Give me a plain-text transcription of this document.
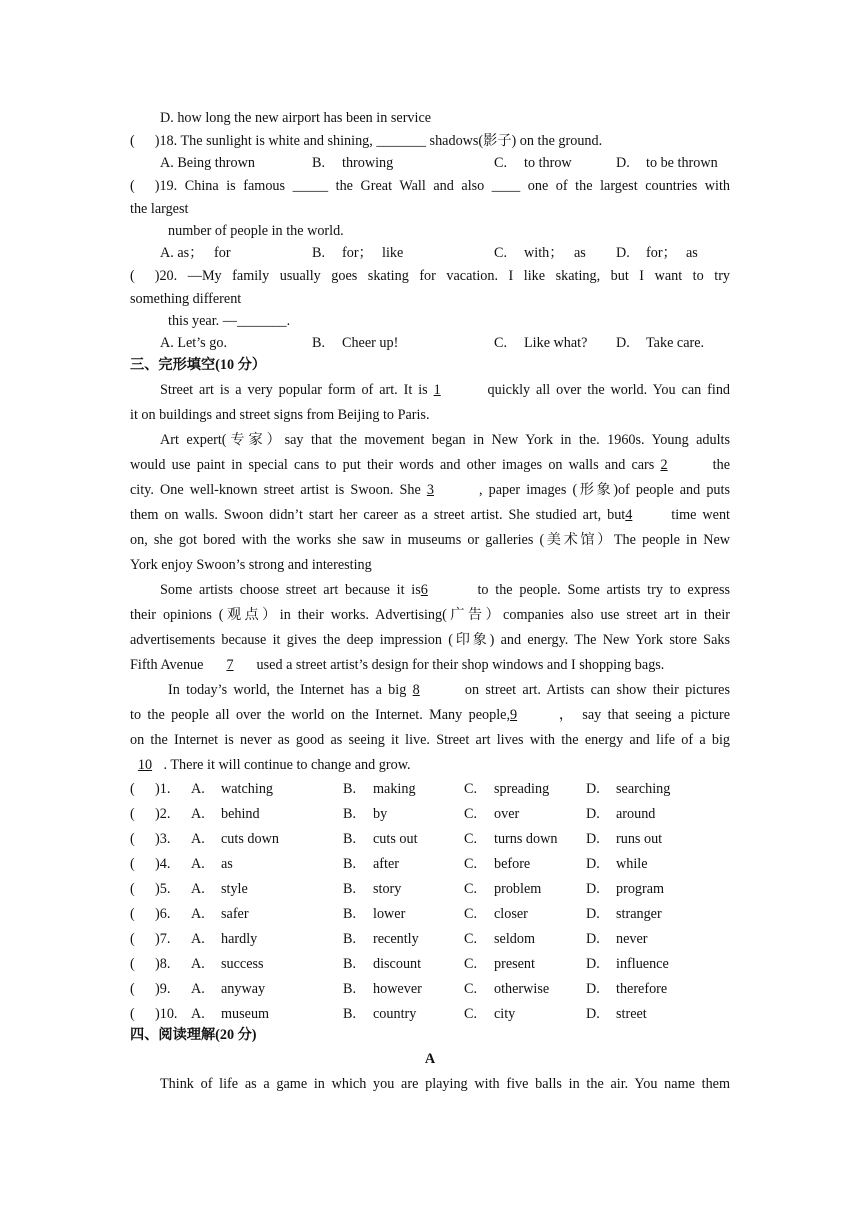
D. how long the new airport has been in service
( )18. The sunlight is white and shining, _______ shadows(影子) on the ground.
A. Being thrown	B. throwing	C. to throw	D. to be thrown
( )19. China is famous _____ the Great Wall and also ____ one of the largest countries with
the largest
number of people in the world.
A. as； for	B. for； like	C. with； as D. for； as
( )20. —My family usually goes skating for vacation. I like skating, but I want to try
something different
this year. —_______.
A. Let’s go.	B. Cheer up!	C. Like what? D. Take care.
三、完形填空(10 分）
Street art is a very popular form of art. It is 1	quickly all over the world. You can find
it on buildings and street signs from Beijing to Paris.
Art expert(专家）say that the movement began in New York in the. 1960s. Young adults
would use paint in special cans to put their words and other images on walls and cars 2	the
city. One well-known street artist is Swoon. She 3	, paper images (形象)of people and puts
them on walls. Swoon didn’t start her career as a street artist. She studied art, but4	time went
on, she got bored with the works she saw in museums or galleries (美术馆）The people in New
York enjoy Swoon’s strong and interesting
Some artists choose street art because it is6	to the people. Some artists try to express
their opinions (观点）in their works. Advertising(广告）companies also use street art in their
advertisements because it gives the deep impression (印象) and energy. The New York store Saks
Fifth Avenue 7 used a street artist’s design for their shop windows and I shopping bags.
In today’s world, the Internet has a big 8	on street art. Artists can show their pictures
to the people all over the world on the Internet. Many people,9	， say that seeing a picture
on the Internet is never as good as seeing it live. Street art lives with the energy and life of a big
10 . There it will continue to change and grow.
( )1. A. watching	B. making	C. spreading	D. searching
( )2. A. behind	B. by	C. over	D. around
( )3. A. cuts down	B. cuts out	C. turns down D. runs out
( )4. A. as	B. after	C. before	D. while
( )5. A. style	B. story	C. problem	D. program
( )6. A. safer	B. lower	C. closer	D. stranger
( )7. A. hardly	B. recently	C. seldom	D. never
( )8. A. success	B. discount	C. present	D. influence
( )9. A. anyway	B. however	C. otherwise	D. therefore
( )10. A. museum	B. country	C. city	D. street
四、阅读理解(20 分)
A
Think of life as a game in which you are playing with five balls in the air. You name them
